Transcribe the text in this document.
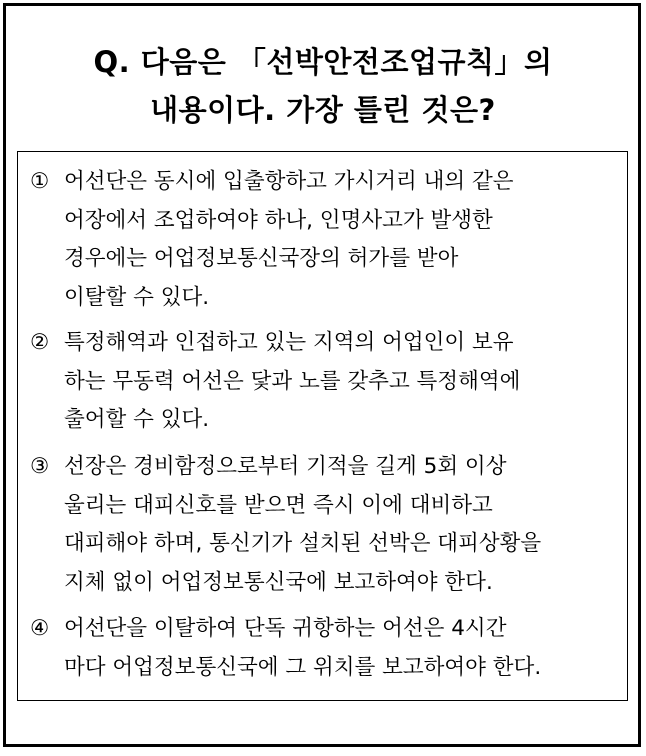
Q. 다음은 「선박안전조업규칙」의
내용이다. 가장 틀린 것은?
① 어선단은 동시에 입출항하고 가시거리 내의 같은
어장에서 조업하여야 하나, 인명사고가 발생한
경우에는 어업정보통신국장의 허가를 받아
이탈할 수 있다.
② 특정해역과 인접하고 있는 지역의 어업인이 보유
하는 무동력 어선은 닻과 노를 갖추고 특정해역에
출어할 수 있다.
③ 선장은 경비함정으로부터 기적을 길게 5회 이상
울리는 대피신호를 받으면 즉시 이에 대비하고
대피해야 하며, 통신기가 설치된 선박은 대피상황을
지체 없이 어업정보통신국에 보고하여야 한다.
④ 어선단을 이탈하여 단독 귀항하는 어선은 4시간
마다 어업정보통신국에 그 위치를 보고하여야 한다.
